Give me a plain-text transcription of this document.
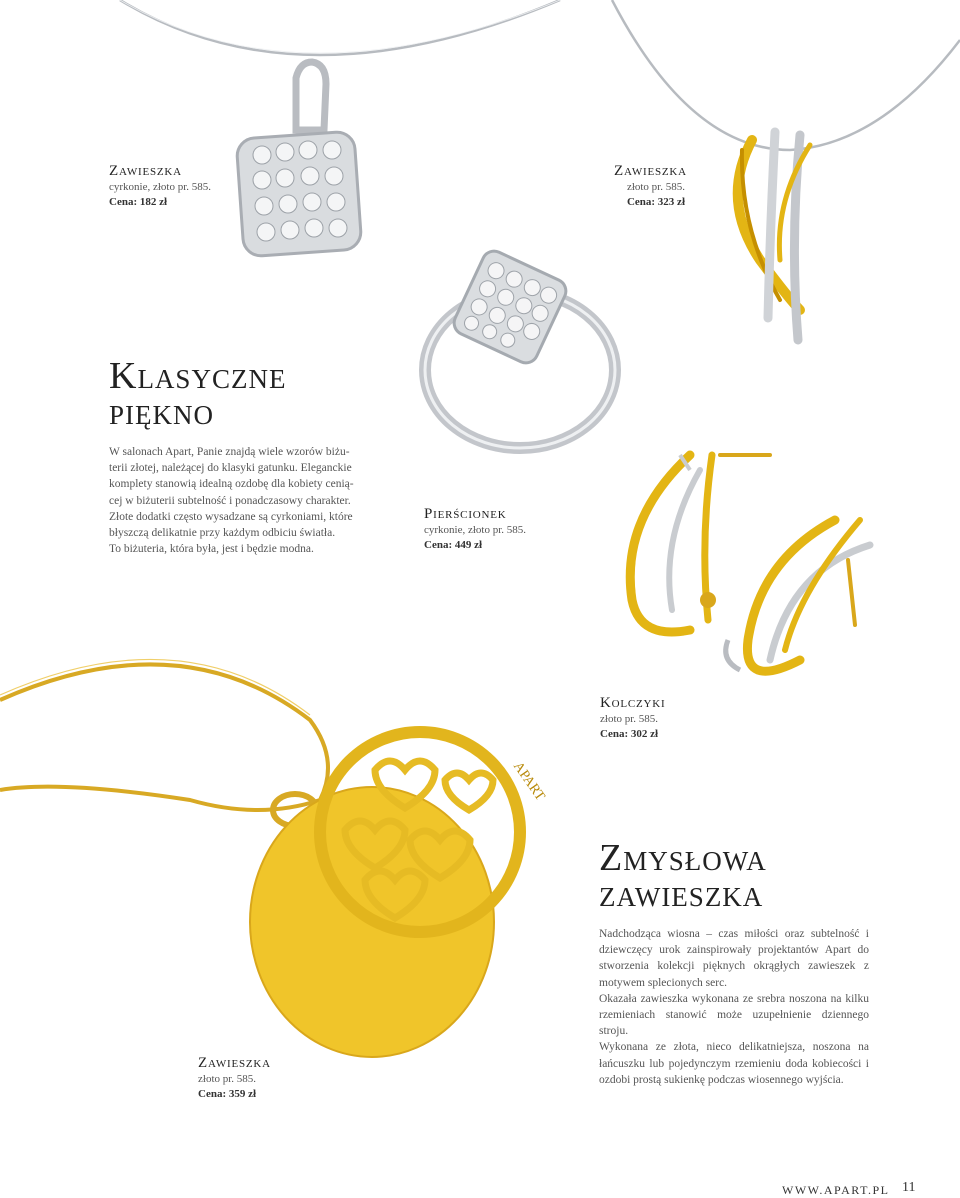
APART
Zawieszka
cyrkonie, złoto pr. 585.
Cena: 182 zł
Zawieszka
złoto pr. 585.
Cena: 323 zł
Pierścionek
cyrkonie, złoto pr. 585.
Cena: 449 zł
Kolczyki
złoto pr. 585.
Cena: 302 zł
Zawieszka
złoto pr. 585.
Cena: 359 zł
Klasyczne
piękno
W salonach Apart, Panie znajdą wiele wzorów biżu-
terii złotej, należącej do klasyki gatunku. Eleganckie
komplety stanowią idealną ozdobę dla kobiety cenią-
cej w biżuterii subtelność i ponadczasowy charakter.
Złote dodatki często wysadzane są cyrkoniami, które
błyszczą delikatnie przy każdym odbiciu światła.
To biżuteria, która była, jest i będzie modna.
Zmysłowa
zawieszka

Nadchodząca wiosna – czas miłości oraz subtelność i dziewczęcy urok zainspirowały projektantów Apart do stworzenia kolekcji pięknych okrągłych zawieszek z motywem splecionych serc.

Okazała zawieszka wykonana ze srebra noszona na kilku rzemieniach stanowić może uzupełnienie dziennego stroju.

Wykonana ze złota, nieco delikatniejsza, noszona na łańcuszku lub pojedynczym rzemieniu doda kobiecości i ozdobi prostą sukienkę podczas wiosennego wyjścia.

WWW.APART.PL 11
